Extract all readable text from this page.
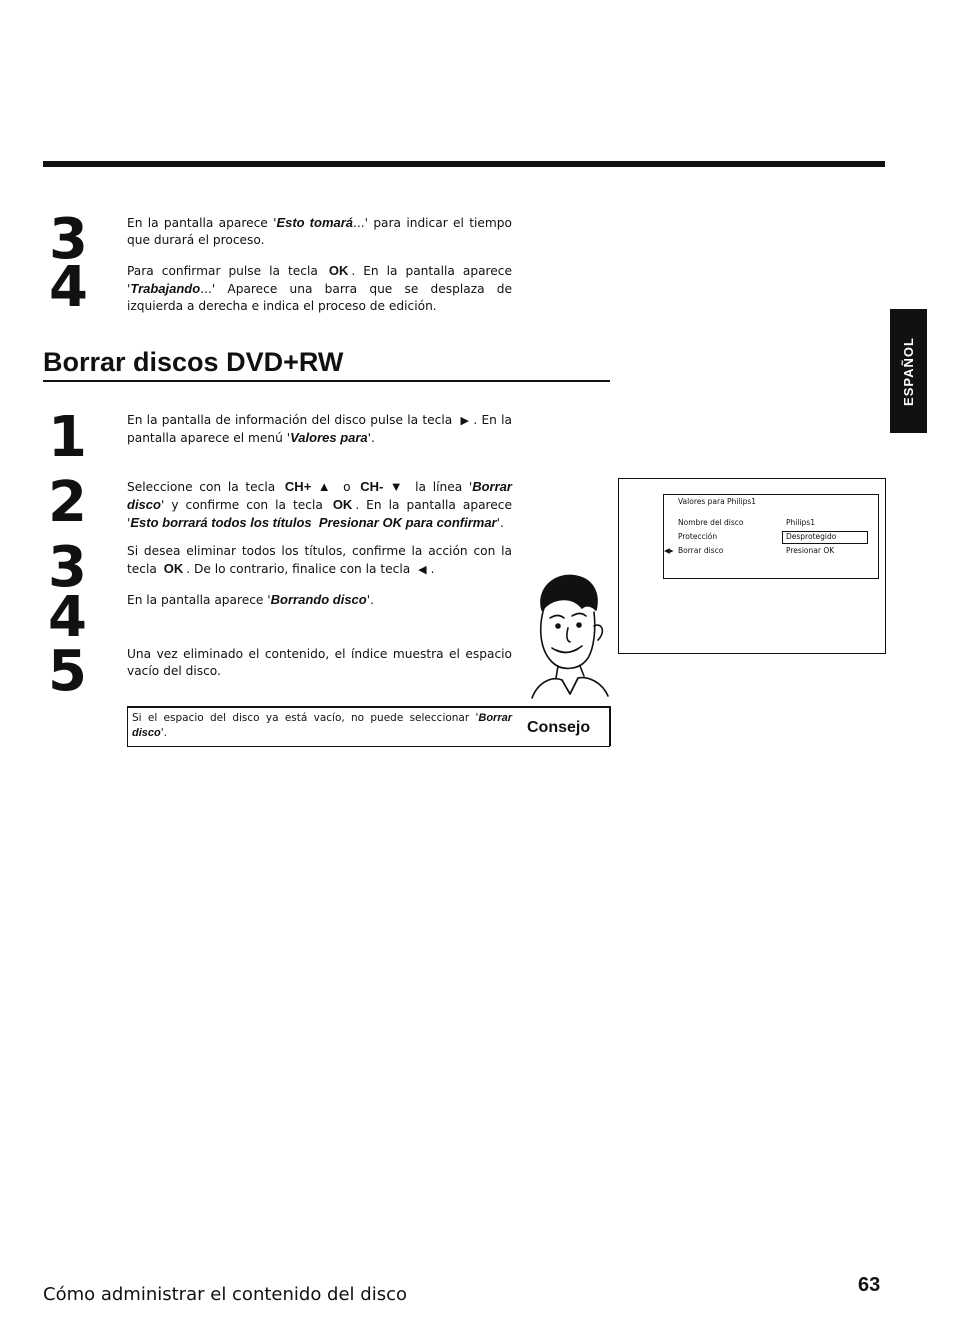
ESPAÑOL
3
4
En la pantalla aparece 'Esto tomará...' para indicar el tiempo que durará el proceso.
Para confirmar pulse la tecla OK . En la pantalla aparece 'Trabajando...' Aparece una barra que se desplaza de izquierda a derecha e indica el proceso de edición.
Borrar discos DVD+RW
1
2
3
4
5
En la pantalla de información del disco pulse la tecla ▶ . En la pantalla aparece el menú 'Valores para'.
Seleccione con la tecla CH+ ▲ o CH- ▼ la línea 'Borrar disco' y confirme con la tecla OK . En la pantalla aparece 'Esto borrará todos los títulos  Presionar OK para confirmar'.
Si desea eliminar todos los títulos, confirme la acción con la tecla OK . De lo contrario, finalice con la tecla ◀ .
En la pantalla aparece 'Borrando disco'.
Una vez eliminado el contenido, el índice muestra el espacio vacío del disco.
Si el espacio del disco ya está vacío, no puede seleccionar 'Borrar disco'.	Consejo
Valores para Philips1
Nombre del disco	Philips1
Protección	Desprotegido
◀▸ Borrar disco	Presionar OK
Cómo administrar el contenido del disco	63
